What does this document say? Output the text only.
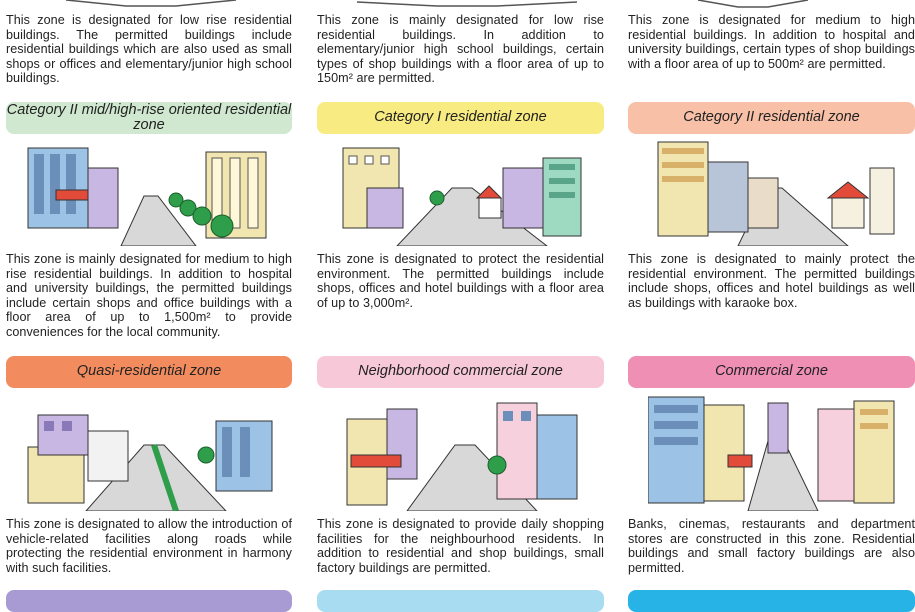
This zone is designated for low rise residential buildings. The permitted buildings include residential buildings which are also used as small shops or offices and elementary/junior high school buildings.

Category II mid/high-rise oriented residential zone

This zone is mainly designated for medium to high rise residential buildings. In addition to hospital and university buildings, the permitted buildings include certain shops and office buildings with a floor area of up to 1,500m² to provide conveniences for the local community.

Quasi-residential zone

This zone is designated to allow the introduction of vehicle-related facilities along roads while protecting the residential environment in harmony with such facilities.

This zone is mainly designated for low rise residential buildings. In addition to elementary/junior high school buildings, certain types of shop buildings with a floor area of up to 150m² are permitted.

Category I residential zone

This zone is designated to protect the residential environment. The permitted buildings include shops, offices and hotel buildings with a floor area of up to 3,000m².

Neighborhood commercial zone

This zone is designated to provide daily shopping facilities for the neighbourhood residents. In addition to residential and shop buildings, small factory buildings are permitted.

This zone is designated for medium to high residential buildings. In addition to hospital and university buildings, certain types of shop buildings with a floor area of up to 500m² are permitted.

Category II residential zone

This zone is designated to mainly protect the residential environment. The permitted buildings include shops, offices and hotel buildings as well as buildings with karaoke box.

Commercial zone

Banks, cinemas, restaurants and department stores are constructed in this zone. Residential buildings and small factory buildings are also permitted.
